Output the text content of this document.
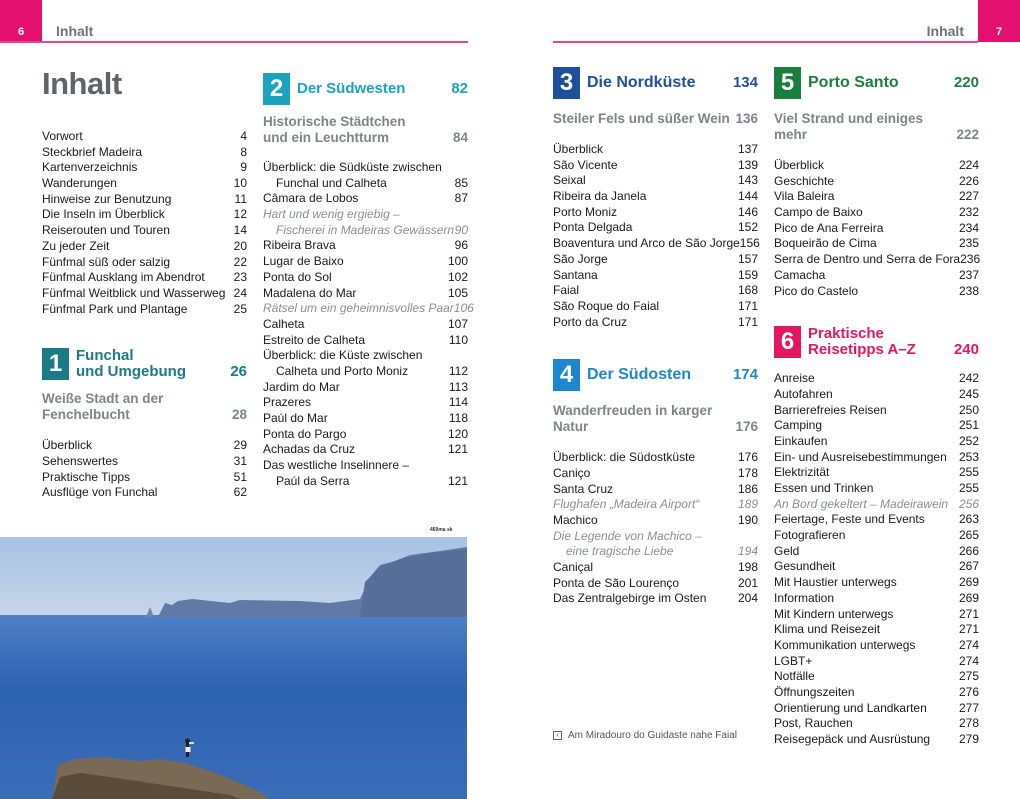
6 Inhalt
Inhalt
Vorwort	4
Steckbrief Madeira	8
Kartenverzeichnis	9
Wanderungen	10
Hinweise zur Benutzung	11
Die Inseln im Überblick	12
Reiserouten und Touren	14
Zu jeder Zeit	20
Fünfmal süß oder salzig	22
Fünfmal Ausklang im Abendrot 23
Fünfmal Weitblick und Wasserweg 24
Fünfmal Park und Plantage	25
1 Funchal
und Umgebung	26
Weiße Stadt an der Fenchelbucht	28
Überblick	29
Sehenswertes	31
Praktische Tipps	51
Ausflüge von Funchal	62
2 Der Südwesten	82
Historische Städtchen
und ein Leuchtturm	84
Überblick: die Südküste zwischen
Funchal und Calheta	85
Câmara de Lobos	87
Hart und wenig ergiebig –
Fischerei in Madeiras Gewässern 90
Ribeira Brava	96
Lugar de Baixo	100
Ponta do Sol	102
Madalena do Mar	105
Rätsel um ein geheimnisvolles Paar 106
Calheta	107
Estreito de Calheta	110
Überblick: die Küste zwischen
Calheta und Porto Moniz	112
Jardim do Mar	113
Prazeres	114
Paúl do Mar	118
Ponta do Pargo	120
Achadas da Cruz	121
Das westliche Inselinnere –
Paúl da Serra	121
469ma sk
7
Inhalt
3 Die Nordküste	134
Steiler Fels und süßer Wein 136
Überblick	137
São Vicente	139
Seixal	143
Ribeira da Janela	144
Porto Moniz	146
Ponta Delgada	152
Boaventura und Arco de São Jorge 156
São Jorge	157
Santana	159
Faial	168
São Roque do Faial	171
Porto da Cruz	171
4 Der Südosten	174
Wanderfreuden in karger Natur	176
Überblick: die Südostküste	176
Caniço	178
Santa Cruz	186
Flughafen „Madeira Airport“	189
Machico	190
Die Legende von Machico –
eine tragische Liebe	194
Caniçal	198
Ponta de São Lourenço	201
Das Zentralgebirge im Osten	204
5 Porto Santo	220
Viel Strand und einiges mehr	222
Überblick	224
Geschichte	226
Vila Baleira	227
Campo de Baixo	232
Pico de Ana Ferreira	234
Boqueirão de Cima	235
Serra de Dentro und Serra de Fora 236
Camacha	237
Pico do Castelo	238
6 Praktische
Reisetipps A–Z	240
Anreise	242
Autofahren	245
Barrierefreies Reisen	250
Camping	251
Einkaufen	252
Ein- und Ausreisebestimmungen 253
Elektrizität	255
Essen und Trinken	255
An Bord gekeltert – Madeirawein 256
Feiertage, Feste und Events	263
Fotografieren	265
Geld	266
Gesundheit	267
Mit Haustier unterwegs	269
Information	269
Mit Kindern unterwegs	271
Klima und Reisezeit	271
Kommunikation unterwegs	274
LGBT+	274
Notfälle	275
Öffnungszeiten	276
Orientierung und Landkarten	277
Post, Rauchen	278
Reisegepäck und Ausrüstung 279
‹ Am Miradouro do Guidaste nahe Faial
